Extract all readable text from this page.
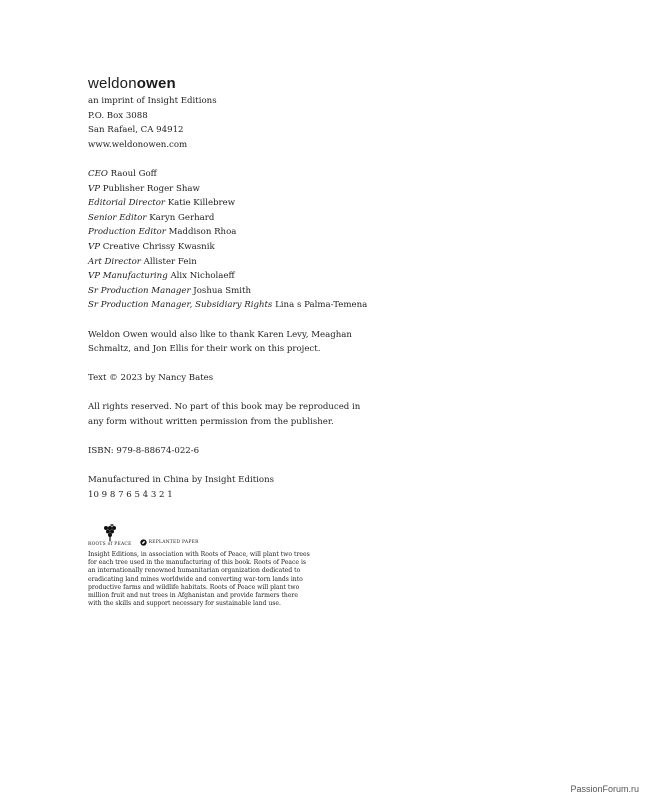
weldonowen
an imprint of Insight Editions
P.O. Box 3088
San Rafael, CA 94912
www.weldonowen.com
CEO Raoul Goff
VP Publisher Roger Shaw
Editorial Director Katie Killebrew
Senior Editor Karyn Gerhard
Production Editor Maddison Rhoa
VP Creative Chrissy Kwasnik
Art Director Allister Fein
VP Manufacturing Alix Nicholaeff
Sr Production Manager Joshua Smith
Sr Production Manager, Subsidiary Rights Lina s Palma-Temena
Weldon Owen would also like to thank Karen Levy, Meaghan
Schmaltz, and Jon Ellis for their work on this project.
Text © 2023 by Nancy Bates
All rights reserved. No part of this book may be reproduced in
any form without written permission from the publisher.
ISBN: 979-8-88674-022-6
Manufactured in China by Insight Editions
10 9 8 7 6 5 4 3 2 1
ROOTS of PEACE	REPLANTED PAPER
Insight Editions, in association with Roots of Peace, will plant two trees
for each tree used in the manufacturing of this book. Roots of Peace is
an internationally renowned humanitarian organization dedicated to
eradicating land mines worldwide and converting war-torn lands into
productive farms and wildlife habitats. Roots of Peace will plant two
million fruit and nut trees in Afghanistan and provide farmers there
with the skills and support necessary for sustainable land use.
PassionForum.ru
